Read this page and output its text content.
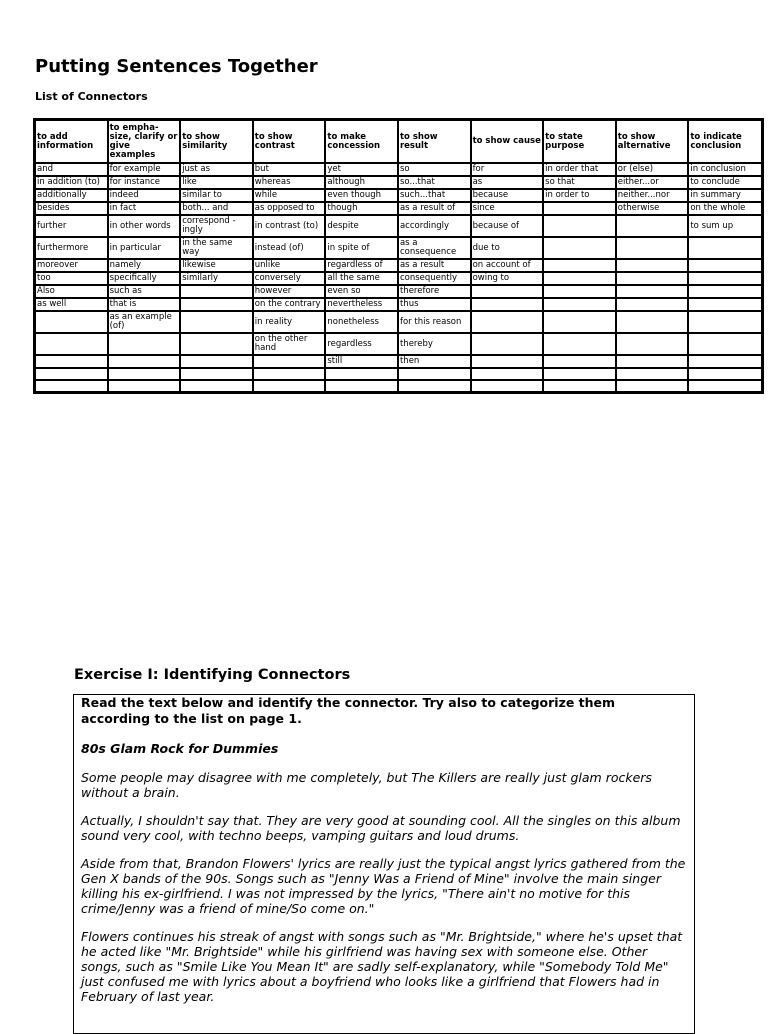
Putting Sentences Together
List of Connectors
to add information	to empha-size, clarify or give examples	to show similarity	to show contrast	to make concession	to show result	to show cause	to state purpose	to show alternative	to indicate conclusion
and	for example	just as	but	yet	so	for	in order that	or (else)	in conclusion
in addition (to)	for instance	like	whereas	although	so...that	as	so that	either...or	to conclude
additionally	indeed	similar to	while	even though	such...that	because	in order to	neither...nor	in summary
besides	in fact	both... and	as opposed to	though	as a result of	since		otherwise	on the whole
further	in other words	correspond -ingly	in contrast (to)	despite	accordingly	because of			to sum up
furthermore	in particular	in the same way	instead (of)	in spite of	as a consequence	due to			
moreover	namely	likewise	unlike	regardless of	as a result	on account of			
too	specifically	similarly	conversely	all the same	consequently	owing to			
Also	such as		however	even so	therefore				
as well	that is		on the contrary	nevertheless	thus				
	as an example (of)		in reality	nonetheless	for this reason				
			on the other hand	regardless	thereby				
				still	then				

Exercise I: Identifying Connectors

Read the text below and identify the connector. Try also to categorize them according to the list on page 1.

80s Glam Rock for Dummies

Some people may disagree with me completely, but The Killers are really just glam rockers without a brain.

Actually, I shouldn't say that. They are very good at sounding cool. All the singles on this album sound very cool, with techno beeps, vamping guitars and loud drums.

Aside from that, Brandon Flowers' lyrics are really just the typical angst lyrics gathered from the Gen X bands of the 90s. Songs such as "Jenny Was a Friend of Mine" involve the main singer killing his ex-girlfriend. I was not impressed by the lyrics, "There ain't no motive for this crime/Jenny was a friend of mine/So come on."

Flowers continues his streak of angst with songs such as "Mr. Brightside," where he's upset that he acted like "Mr. Brightside" while his girlfriend was having sex with someone else. Other songs, such as "Smile Like You Mean It" are sadly self-explanatory, while "Somebody Told Me" just confused me with lyrics about a boyfriend who looks like a girlfriend that Flowers had in February of last year.
